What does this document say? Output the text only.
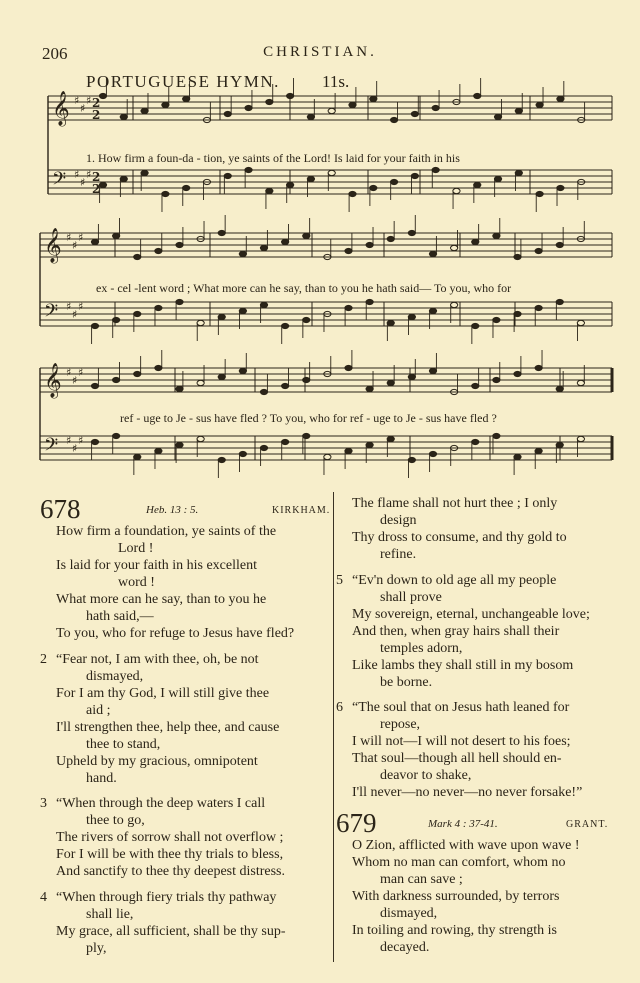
206	CHRISTIAN.
PORTUGUESE HYMN. 11s.
𝄞 ♯
♯
♯
𝄢 ♯
♯
♯
𝄞 ♯
♯
♯
𝄢 ♯
♯
♯
𝄞 ♯
♯
♯
𝄢 ♯
♯
♯
2
2
2
2
1. How firm a foun-da - tion, ye saints of the Lord! Is laid for your faith in his
ex - cel -lent word ; What more can he say, than to you he hath said— To you, who for
ref - uge to Je - sus have fled ? To you, who for ref - uge to Je - sus have fled ?
678	Heb. 13 : 5.	KIRKHAM.
How firm a foundation, ye saints of the
Lord !
Is laid for your faith in his excellent
word !
What more can he say, than to you he
hath said,—
To you, who for refuge to Jesus have fled?
2 “Fear not, I am with thee, oh, be not
dismayed,
For I am thy God, I will still give thee
aid ;
I'll strengthen thee, help thee, and cause
thee to stand,
Upheld by my gracious, omnipotent
hand.
3 “When through the deep waters I call
thee to go,
The rivers of sorrow shall not overflow ;
For I will be with thee thy trials to bless,
And sanctify to thee thy deepest distress.
4 “When through fiery trials thy pathway
shall lie,
My grace, all sufficient, shall be thy sup-
ply,
The flame shall not hurt thee ; I only
design
Thy dross to consume, and thy gold to
refine.
5 “Ev'n down to old age all my people
shall prove
My sovereign, eternal, unchangeable love;
And then, when gray hairs shall their
temples adorn,
Like lambs they shall still in my bosom
be borne.
6 “The soul that on Jesus hath leaned for
repose,
I will not—I will not desert to his foes;
That soul—though all hell should en-
deavor to shake,
I'll never—no never—no never forsake!”
679	Mark 4 : 37-41.	GRANT.
O Zion, afflicted with wave upon wave !
Whom no man can comfort, whom no
man can save ;
With darkness surrounded, by terrors
dismayed,
In toiling and rowing, thy strength is
decayed.
